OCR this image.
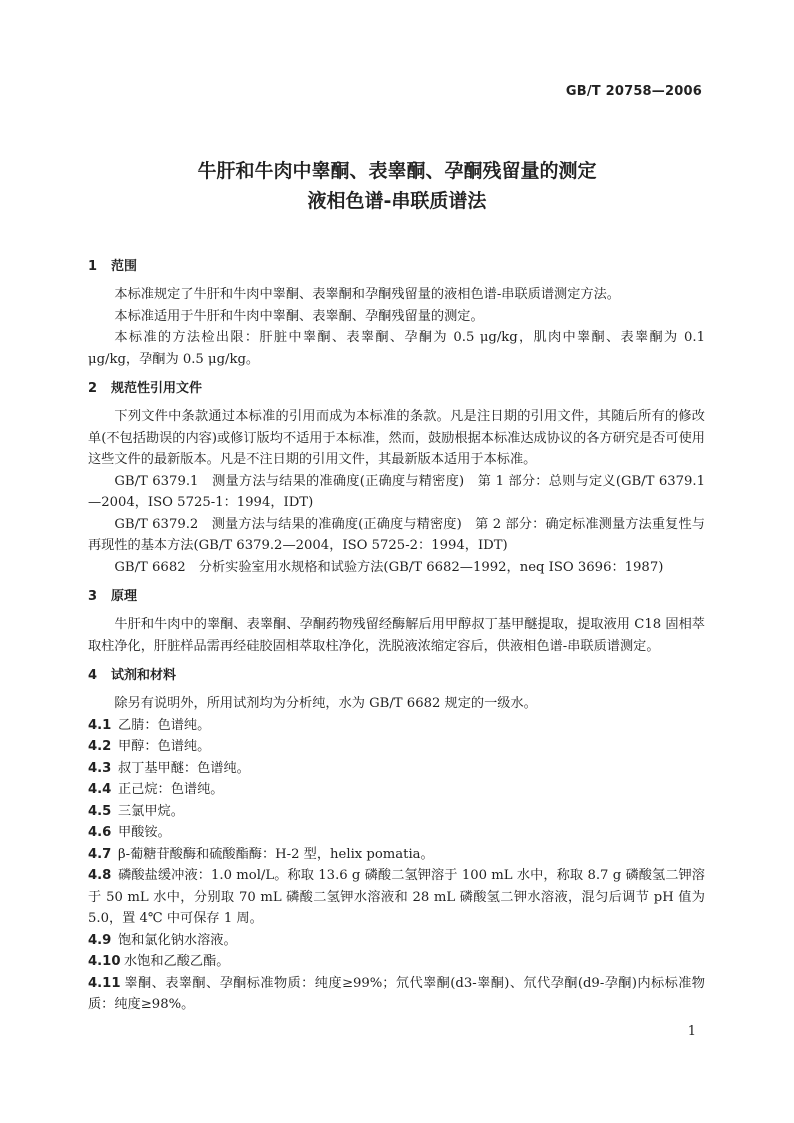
GB/T 20758—2006
牛肝和牛肉中睾酮、表睾酮、孕酮残留量的测定
液相色谱-串联质谱法
1 范围

本标准规定了牛肝和牛肉中睾酮、表睾酮和孕酮残留量的液相色谱-串联质谱测定方法。

本标准适用于牛肝和牛肉中睾酮、表睾酮、孕酮残留量的测定。

本标准的方法检出限：肝脏中睾酮、表睾酮、孕酮为 0.5 μg/kg，肌肉中睾酮、表睾酮为 0.1 μg/kg，孕酮为 0.5 μg/kg。

2 规范性引用文件

下列文件中条款通过本标准的引用而成为本标准的条款。凡是注日期的引用文件，其随后所有的修改单(不包括勘误的内容)或修订版均不适用于本标准，然而，鼓励根据本标准达成协议的各方研究是否可使用这些文件的最新版本。凡是不注日期的引用文件，其最新版本适用于本标准。

GB/T 6379.1　测量方法与结果的准确度(正确度与精密度)　第 1 部分：总则与定义(GB/T 6379.1—2004，ISO 5725-1：1994，IDT)

GB/T 6379.2　测量方法与结果的准确度(正确度与精密度)　第 2 部分：确定标准测量方法重复性与再现性的基本方法(GB/T 6379.2—2004，ISO 5725-2：1994，IDT)

GB/T 6682　分析实验室用水规格和试验方法(GB/T 6682—1992，neq ISO 3696：1987)

3 原理

牛肝和牛肉中的睾酮、表睾酮、孕酮药物残留经酶解后用甲醇叔丁基甲醚提取，提取液用 C18 固相萃取柱净化，肝脏样品需再经硅胶固相萃取柱净化，洗脱液浓缩定容后，供液相色谱-串联质谱测定。

4 试剂和材料

除另有说明外，所用试剂均为分析纯，水为 GB/T 6682 规定的一级水。

4.1 乙腈：色谱纯。

4.2 甲醇：色谱纯。

4.3 叔丁基甲醚：色谱纯。

4.4 正己烷：色谱纯。

4.5 三氯甲烷。

4.6 甲酸铵。

4.7 β-葡糖苷酸酶和硫酸酯酶：H-2 型，helix pomatia。

4.8 磷酸盐缓冲液：1.0 mol/L。称取 13.6 g 磷酸二氢钾溶于 100 mL 水中，称取 8.7 g 磷酸氢二钾溶于 50 mL 水中，分别取 70 mL 磷酸二氢钾水溶液和 28 mL 磷酸氢二钾水溶液，混匀后调节 pH 值为 5.0，置 4℃ 中可保存 1 周。

4.9 饱和氯化钠水溶液。

4.10 水饱和乙酸乙酯。

4.11 睾酮、表睾酮、孕酮标准物质：纯度≥99%；氘代睾酮(d3-睾酮)、氘代孕酮(d9-孕酮)内标标准物质：纯度≥98%。

1
